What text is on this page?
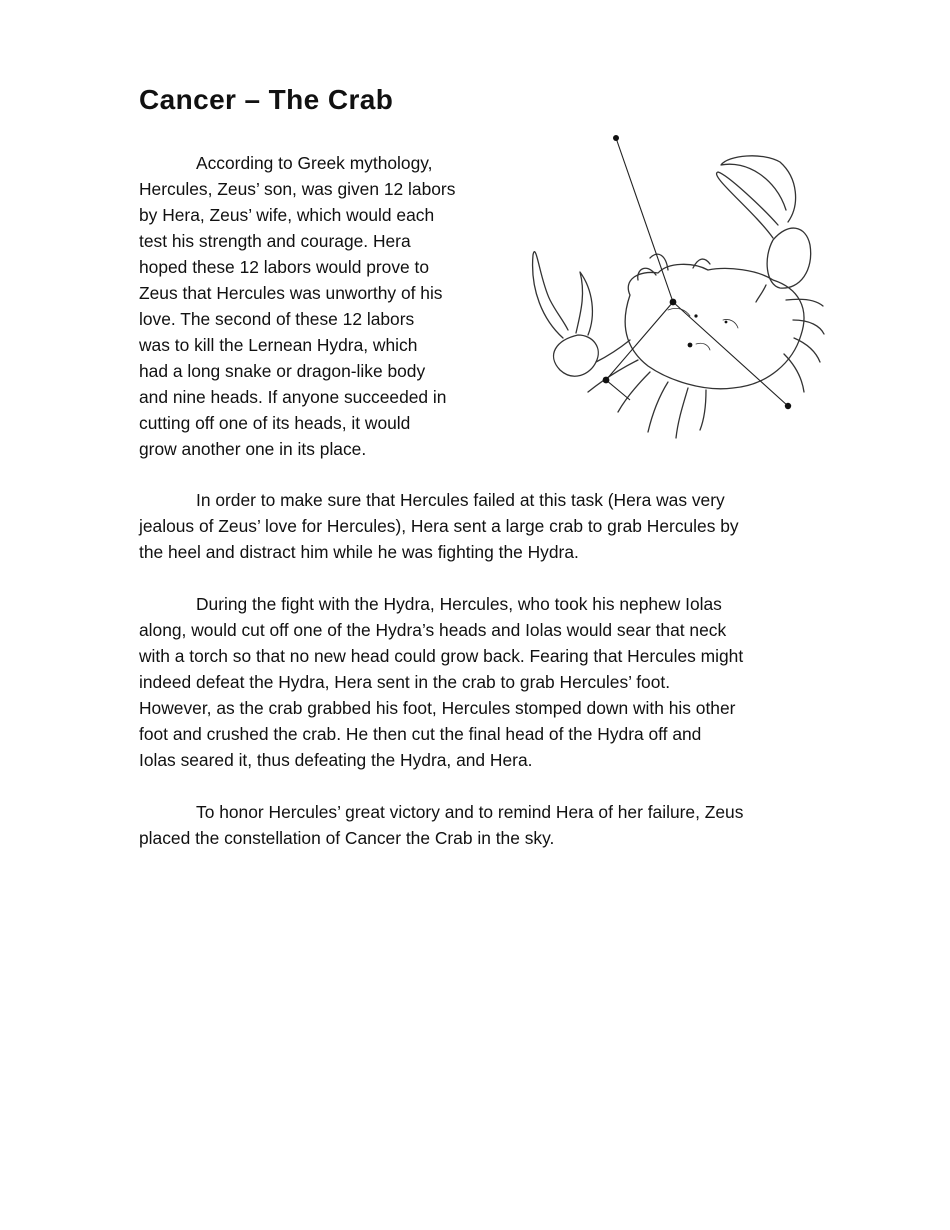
Cancer – The Crab
According to Greek mythology,
Hercules, Zeus’ son, was given 12 labors
by Hera, Zeus’ wife, which would each
test his strength and courage. Hera
hoped these 12 labors would prove to
Zeus that Hercules was unworthy of his
love. The second of these 12 labors
was to kill the Lernean Hydra, which
had a long snake or dragon-like body
and nine heads. If anyone succeeded in
cutting off one of its heads, it would
grow another one in its place.
In order to make sure that Hercules failed at this task (Hera was very
jealous of Zeus’ love for Hercules), Hera sent a large crab to grab Hercules by
the heel and distract him while he was fighting the Hydra.
During the fight with the Hydra, Hercules, who took his nephew Iolas
along, would cut off one of the Hydra’s heads and Iolas would sear that neck
with a torch so that no new head could grow back. Fearing that Hercules might
indeed defeat the Hydra, Hera sent in the crab to grab Hercules’ foot.
However, as the crab grabbed his foot, Hercules stomped down with his other
foot and crushed the crab. He then cut the final head of the Hydra off and
Iolas seared it, thus defeating the Hydra, and Hera.
To honor Hercules’ great victory and to remind Hera of her failure, Zeus
placed the constellation of Cancer the Crab in the sky.
